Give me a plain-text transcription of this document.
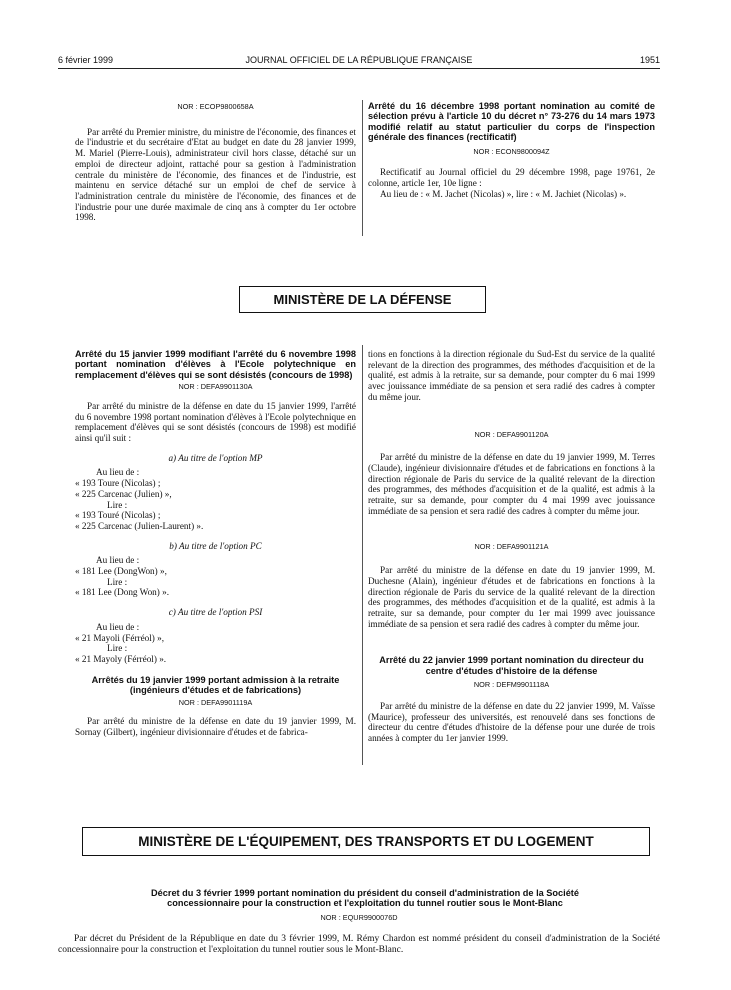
6 février 1999	JOURNAL OFFICIEL DE LA RÉPUBLIQUE FRANÇAISE	1951
NOR : ECOP9800658A

Par arrêté du Premier ministre, du ministre de l'économie, des finances et de l'industrie et du secrétaire d'Etat au budget en date du 28 janvier 1999, M. Mariel (Pierre-Louis), administrateur civil hors classe, détaché sur un emploi de directeur adjoint, rattaché pour sa gestion à l'administration centrale du ministère de l'économie, des finances et de l'industrie, est maintenu en service détaché sur un emploi de chef de service à l'administration centrale du ministère de l'économie, des finances et de l'industrie pour une durée maximale de cinq ans à compter du 1er octobre 1998.

Arrêté du 16 décembre 1998 portant nomination au comité de sélection prévu à l'article 10 du décret n° 73-276 du 14 mars 1973 modifié relatif au statut particulier du corps de l'inspection générale des finances (rectificatif)
NOR : ECON9800094Z

Rectificatif au Journal officiel du 29 décembre 1998, page 19761, 2e colonne, article 1er, 10e ligne :

Au lieu de : « M. Jachet (Nicolas) », lire : « M. Jachiet (Nicolas) ».

MINISTÈRE DE LA DÉFENSE
Arrêté du 15 janvier 1999 modifiant l'arrêté du 6 novembre 1998 portant nomination d'élèves à l'Ecole polytechnique en remplacement d'élèves qui se sont désistés (concours de 1998)
NOR : DEFA9901130A

Par arrêté du ministre de la défense en date du 15 janvier 1999, l'arrêté du 6 novembre 1998 portant nomination d'élèves à l'Ecole polytechnique en remplacement d'élèves qui se sont désistés (concours de 1998) est modifié ainsi qu'il suit :

a) Au titre de l'option MP
Au lieu de :
« 193 Toure (Nicolas) ;
« 225 Carcenac (Julien) »,
Lire :
« 193 Touré (Nicolas) ;
« 225 Carcenac (Julien-Laurent) ».
b) Au titre de l'option PC
Au lieu de :
« 181 Lee (DongWon) »,
Lire :
« 181 Lee (Dong Won) ».
c) Au titre de l'option PSI
Au lieu de :
« 21 Mayoli (Férréol) »,
Lire :
« 21 Mayoly (Férréol) ».
Arrêtés du 19 janvier 1999 portant admission à la retraite (ingénieurs d'études et de fabrications)
NOR : DEFA9901119A

Par arrêté du ministre de la défense en date du 19 janvier 1999, M. Sornay (Gilbert), ingénieur divisionnaire d'études et de fabrica-

tions en fonctions à la direction régionale du Sud-Est du service de la qualité relevant de la direction des programmes, des méthodes d'acquisition et de la qualité, est admis à la retraite, sur sa demande, pour compter du 6 mai 1999 avec jouissance immédiate de sa pension et sera radié des cadres à compter du même jour.

NOR : DEFA9901120A

Par arrêté du ministre de la défense en date du 19 janvier 1999, M. Terres (Claude), ingénieur divisionnaire d'études et de fabrications en fonctions à la direction régionale de Paris du service de la qualité relevant de la direction des programmes, des méthodes d'acquisition et de la qualité, est admis à la retraite, sur sa demande, pour compter du 4 mai 1999 avec jouissance immédiate de sa pension et sera radié des cadres à compter du même jour.

NOR : DEFA9901121A

Par arrêté du ministre de la défense en date du 19 janvier 1999, M. Duchesne (Alain), ingénieur d'études et de fabrications en fonctions à la direction régionale de Paris du service de la qualité relevant de la direction des programmes, des méthodes d'acquisition et de la qualité, est admis à la retraite, sur sa demande, pour compter du 1er mai 1999 avec jouissance immédiate de sa pension et sera radié des cadres à compter du même jour.

Arrêté du 22 janvier 1999 portant nomination du directeur du centre d'études d'histoire de la défense
NOR : DEFM9901118A

Par arrêté du ministre de la défense en date du 22 janvier 1999, M. Vaïsse (Maurice), professeur des universités, est renouvelé dans ses fonctions de directeur du centre d'études d'histoire de la défense pour une durée de trois années à compter du 1er janvier 1999.

MINISTÈRE DE L'ÉQUIPEMENT, DES TRANSPORTS ET DU LOGEMENT
Décret du 3 février 1999 portant nomination du président du conseil d'administration de la Société concessionnaire pour la construction et l'exploitation du tunnel routier sous le Mont-Blanc
NOR : EQUR9900076D
Par décret du Président de la République en date du 3 février 1999, M. Rémy Chardon est nommé président du conseil d'administration de la Société concessionnaire pour la construction et l'exploitation du tunnel routier sous le Mont-Blanc.
